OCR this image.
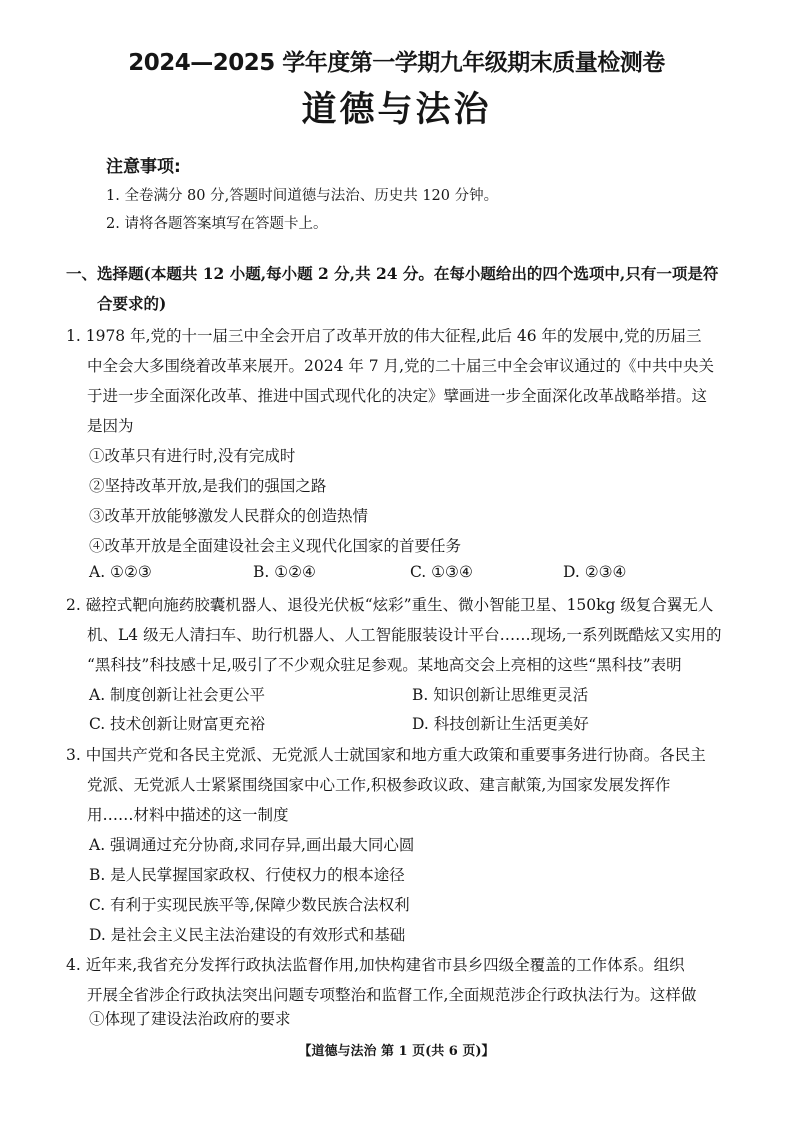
2024—2025 学年度第一学期九年级期末质量检测卷
道德与法治
注意事项:
1. 全卷满分 80 分,答题时间道德与法治、历史共 120 分钟。
2. 请将各题答案填写在答题卡上。
一、选择题(本题共 12 小题,每小题 2 分,共 24 分。在每小题给出的四个选项中,只有一项是符
合要求的)
1. 1978 年,党的十一届三中全会开启了改革开放的伟大征程,此后 46 年的发展中,党的历届三
中全会大多围绕着改革来展开。2024 年 7 月,党的二十届三中全会审议通过的《中共中央关
于进一步全面深化改革、推进中国式现代化的决定》擘画进一步全面深化改革战略举措。这
是因为
①改革只有进行时,没有完成时
②坚持改革开放,是我们的强国之路
③改革开放能够激发人民群众的创造热情
④改革开放是全面建设社会主义现代化国家的首要任务
A. ①②③	B. ①②④	C. ①③④	D. ②③④
2. 磁控式靶向施药胶囊机器人、退役光伏板“炫彩”重生、微小智能卫星、150kg 级复合翼无人
机、L4 级无人清扫车、助行机器人、人工智能服装设计平台……现场,一系列既酷炫又实用的
“黑科技”科技感十足,吸引了不少观众驻足参观。某地高交会上亮相的这些“黑科技”表明
A. 制度创新让社会更公平	B. 知识创新让思维更灵活
C. 技术创新让财富更充裕	D. 科技创新让生活更美好
3. 中国共产党和各民主党派、无党派人士就国家和地方重大政策和重要事务进行协商。各民主
党派、无党派人士紧紧围绕国家中心工作,积极参政议政、建言献策,为国家发展发挥作
用……材料中描述的这一制度
A. 强调通过充分协商,求同存异,画出最大同心圆
B. 是人民掌握国家政权、行使权力的根本途径
C. 有利于实现民族平等,保障少数民族合法权利
D. 是社会主义民主法治建设的有效形式和基础
4. 近年来,我省充分发挥行政执法监督作用,加快构建省市县乡四级全覆盖的工作体系。组织
开展全省涉企行政执法突出问题专项整治和监督工作,全面规范涉企行政执法行为。这样做
①体现了建设法治政府的要求
【道德与法治 第 1 页(共 6 页)】
